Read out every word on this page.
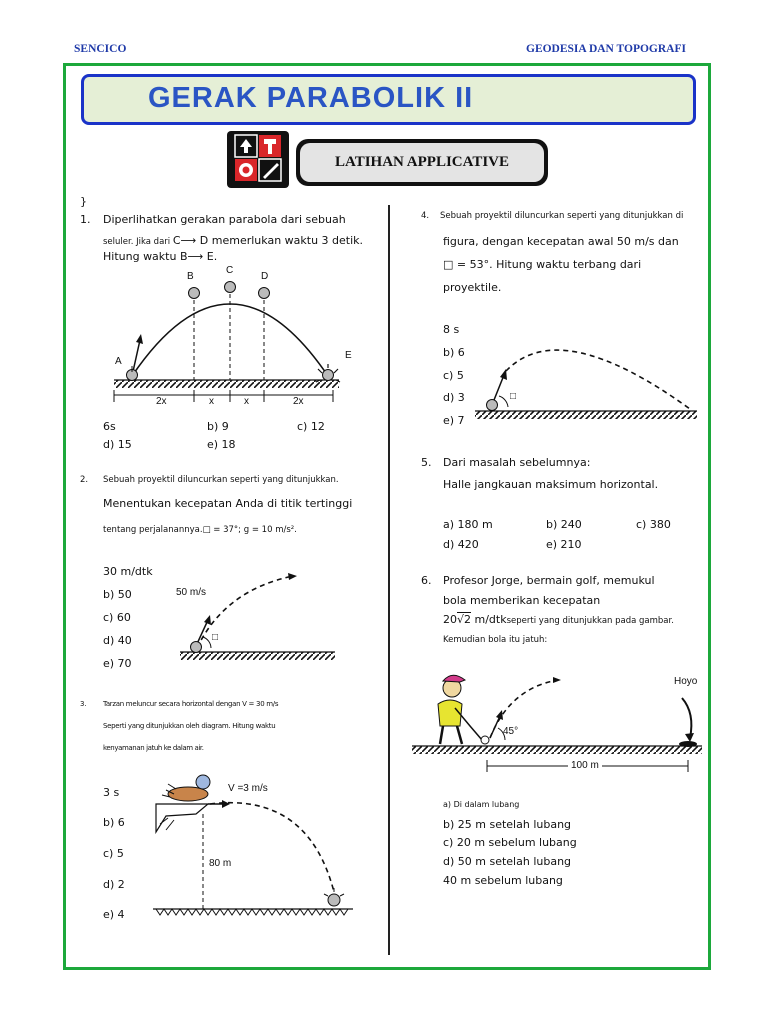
SENCICO	GEODESIA DAN TOPOGRAFI
GERAK PARABOLIK II
LATIHAN APPLICATIVE
}
1. Diperlihatkan gerakan parabola dari sebuah
seluler. Jika dari C⟶ D memerlukan waktu 3 detik.
Hitung waktu B⟶ E.
A
B
C
D
E
2x	x	x	2x
6s	b) 9	c) 12
d) 15	e) 18
2. Sebuah proyektil diluncurkan seperti yang ditunjukkan.
Menentukan kecepatan Anda di titik tertinggi
tentang perjalanannya.□ = 37°; g = 10 m/s².
50 m/s
□
30 m/dtk
b) 50
c) 60
d) 40
e) 70
3. Tarzan meluncur secara horizontal dengan V = 30 m/s
Seperti yang ditunjukkan oleh diagram. Hitung waktu
kenyamanan jatuh ke dalam air.
V =3 m/s
80 m
3 s
b) 6
c) 5
d) 2
e) 4
4. Sebuah proyektil diluncurkan seperti yang ditunjukkan di
figura, dengan kecepatan awal 50 m/s dan
□ = 53°. Hitung waktu terbang dari
proyektile.
□
8 s
b) 6
c) 5
d) 3
e) 7
5. Dari masalah sebelumnya:
Halle jangkauan maksimum horizontal.
a) 180 m	b) 240	c) 380
d) 420	e) 210
6. Profesor Jorge, bermain golf, memukul
bola memberikan kecepatan
20√2 m/dtkseperti yang ditunjukkan pada gambar.
Kemudian bola itu jatuh:
Hoyo
45°
100 m
a) Di dalam lubang
b) 25 m setelah lubang
c) 20 m sebelum lubang
d) 50 m setelah lubang
40 m sebelum lubang
